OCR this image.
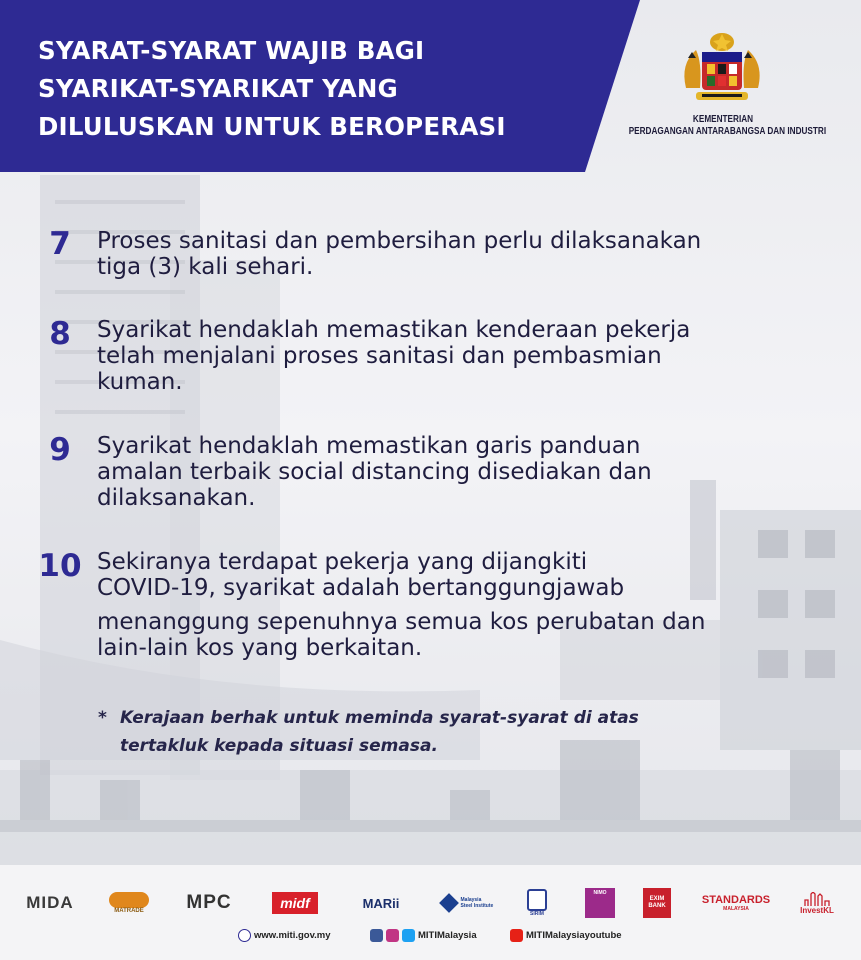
SYARAT-SYARAT WAJIB BAGI
SYARIKAT-SYARIKAT YANG
DILULUSKAN UNTUK BEROPERASI	KEMENTERIAN
PERDAGANGAN ANTARABANGSA DAN INDUSTRI
7	Proses sanitasi dan pembersihan perlu dilaksanakan
tiga (3) kali sehari.
8	Syarikat hendaklah memastikan kenderaan pekerja
telah menjalani proses sanitasi dan pembasmian
kuman.
9	Syarikat hendaklah memastikan garis panduan
amalan terbaik social distancing disediakan dan
dilaksanakan.
10 Sekiranya terdapat pekerja yang dijangkiti
COVID-19, syarikat adalah bertanggungjawab
menanggung sepenuhnya semua kos perubatan dan
lain-lain kos yang berkaitan.
* Kerajaan berhak untuk meminda syarat-syarat di atas
tertakluk kepada situasi semasa.
MIDA	MATRADE MPC	midf	MARii	Malaysia Steel Institute
SIRIM
NIMO
EXIM BANK	STANDARDS
MALAYSIA	InvestKL
www.miti.gov.my	MITIMalaysia	MITIMalaysiayoutube
